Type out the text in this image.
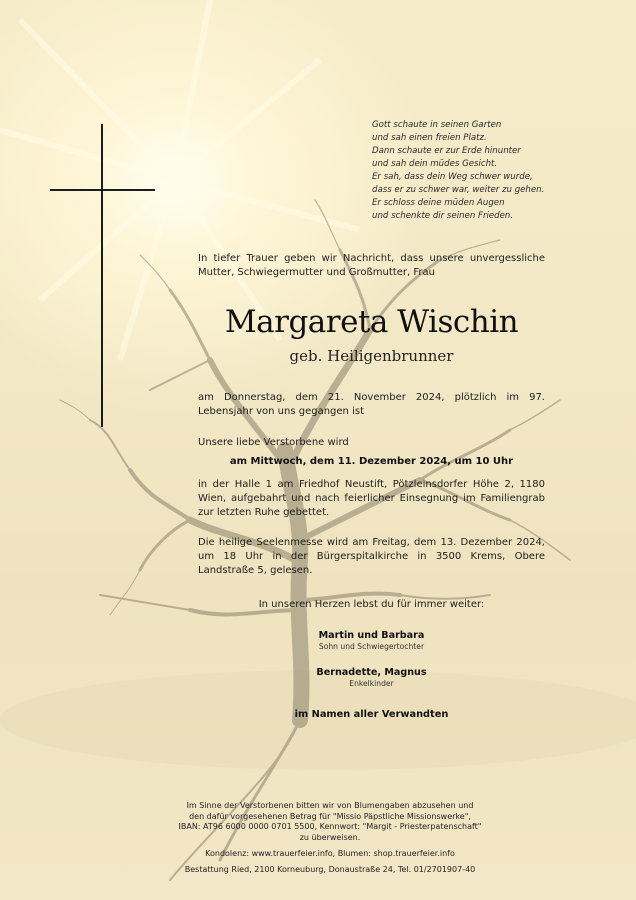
Gott schaute in seinen Garten
und sah einen freien Platz.
Dann schaute er zur Erde hinunter
und sah dein müdes Gesicht.
Er sah, dass dein Weg schwer wurde,
dass er zu schwer war, weiter zu gehen.
Er schloss deine müden Augen
und schenkte dir seinen Frieden.
In tiefer Trauer geben wir Nachricht, dass unsere unvergessliche Mutter, Schwiegermutter und Großmutter, Frau
Margareta Wischin
geb. Heiligenbrunner
am Donnerstag, dem 21. November 2024, plötzlich im 97. Lebensjahr von uns gegangen ist
Unsere liebe Verstorbene wird
am Mittwoch, dem 11. Dezember 2024, um 10 Uhr
in der Halle 1 am Friedhof Neustift, Pötzleinsdorfer Höhe 2, 1180 Wien, aufgebahrt und nach feierlicher Einsegnung im Familiengrab zur letzten Ruhe gebettet.
Die heilige Seelenmesse wird am Freitag, dem 13. Dezember 2024, um 18 Uhr in der Bürgerspitalkirche in 3500 Krems, Obere Landstraße 5, gelesen.
In unseren Herzen lebst du für immer weiter:
Martin und Barbara
Sohn und Schwiegertochter
Bernadette, Magnus
Enkelkinder
im Namen aller Verwandten
Im Sinne der Verstorbenen bitten wir von Blumengaben abzusehen und
den dafür vorgesehenen Betrag für "Missio Päpstliche Missionswerke",
IBAN: AT96 6000 0000 0701 5500, Kennwort: "Margit - Priesterpatenschaft"
zu überweisen.
Kondolenz: www.trauerfeier.info, Blumen: shop.trauerfeier.info
Bestattung Ried, 2100 Korneuburg, Donaustraße 24, Tel. 01/2701907-40
